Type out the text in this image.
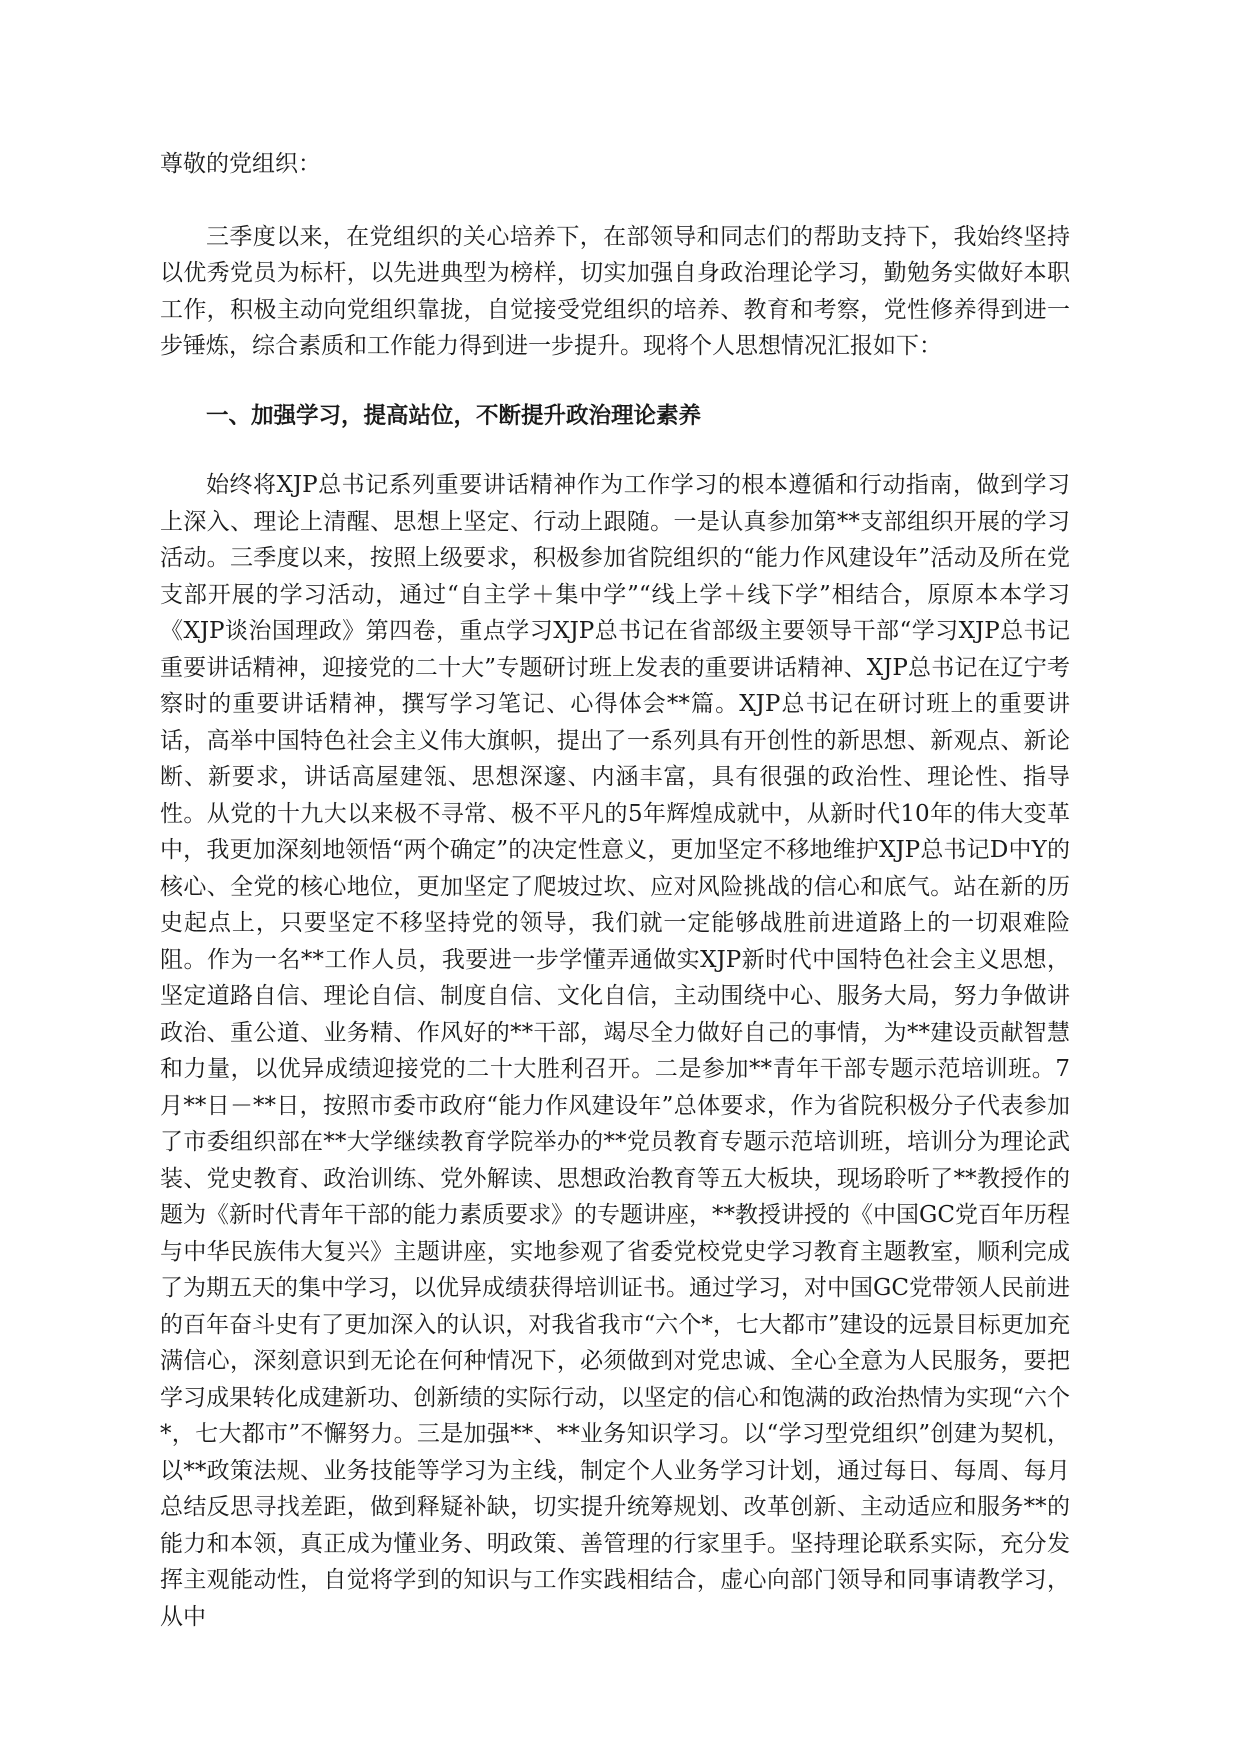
尊敬的党组织：

三季度以来，在党组织的关心培养下，在部领导和同志们的帮助支持下，我始终坚持以优秀党员为标杆，以先进典型为榜样，切实加强自身政治理论学习，勤勉务实做好本职工作，积极主动向党组织靠拢，自觉接受党组织的培养、教育和考察，党性修养得到进一步锤炼，综合素质和工作能力得到进一步提升。现将个人思想情况汇报如下：

一、加强学习，提高站位，不断提升政治理论素养

始终将XJP总书记系列重要讲话精神作为工作学习的根本遵循和行动指南，做到学习上深入、理论上清醒、思想上坚定、行动上跟随。一是认真参加第**支部组织开展的学习活动。三季度以来，按照上级要求，积极参加省院组织的“能力作风建设年”活动及所在党支部开展的学习活动，通过“自主学＋集中学”“线上学＋线下学”相结合，原原本本学习《XJP谈治国理政》第四卷，重点学习XJP总书记在省部级主要领导干部“学习XJP总书记重要讲话精神，迎接党的二十大”专题研讨班上发表的重要讲话精神、XJP总书记在辽宁考察时的重要讲话精神，撰写学习笔记、心得体会**篇。XJP总书记在研讨班上的重要讲话，高举中国特色社会主义伟大旗帜，提出了一系列具有开创性的新思想、新观点、新论断、新要求，讲话高屋建瓴、思想深邃、内涵丰富，具有很强的政治性、理论性、指导性。从党的十九大以来极不寻常、极不平凡的5年辉煌成就中，从新时代10年的伟大变革中，我更加深刻地领悟“两个确定”的决定性意义，更加坚定不移地维护XJP总书记D中Y的核心、全党的核心地位，更加坚定了爬坡过坎、应对风险挑战的信心和底气。站在新的历史起点上，只要坚定不移坚持党的领导，我们就一定能够战胜前进道路上的一切艰难险阻。作为一名**工作人员，我要进一步学懂弄通做实XJP新时代中国特色社会主义思想，坚定道路自信、理论自信、制度自信、文化自信，主动围绕中心、服务大局，努力争做讲政治、重公道、业务精、作风好的**干部，竭尽全力做好自己的事情，为**建设贡献智慧和力量，以优异成绩迎接党的二十大胜利召开。二是参加**青年干部专题示范培训班。7月**日－**日，按照市委市政府“能力作风建设年”总体要求，作为省院积极分子代表参加了市委组织部在**大学继续教育学院举办的**党员教育专题示范培训班，培训分为理论武装、党史教育、政治训练、党外解读、思想政治教育等五大板块，现场聆听了**教授作的题为《新时代青年干部的能力素质要求》的专题讲座，**教授讲授的《中国GC党百年历程与中华民族伟大复兴》主题讲座，实地参观了省委党校党史学习教育主题教室，顺利完成了为期五天的集中学习，以优异成绩获得培训证书。通过学习，对中国GC党带领人民前进的百年奋斗史有了更加深入的认识，对我省我市“六个*，七大都市”建设的远景目标更加充满信心，深刻意识到无论在何种情况下，必须做到对党忠诚、全心全意为人民服务，要把学习成果转化成建新功、创新绩的实际行动，以坚定的信心和饱满的政治热情为实现“六个*，七大都市”不懈努力。三是加强**、**业务知识学习。以“学习型党组织”创建为契机，以**政策法规、业务技能等学习为主线，制定个人业务学习计划，通过每日、每周、每月总结反思寻找差距，做到释疑补缺，切实提升统筹规划、改革创新、主动适应和服务**的能力和本领，真正成为懂业务、明政策、善管理的行家里手。坚持理论联系实际，充分发挥主观能动性，自觉将学到的知识与工作实践相结合，虚心向部门领导和同事请教学习，从中
